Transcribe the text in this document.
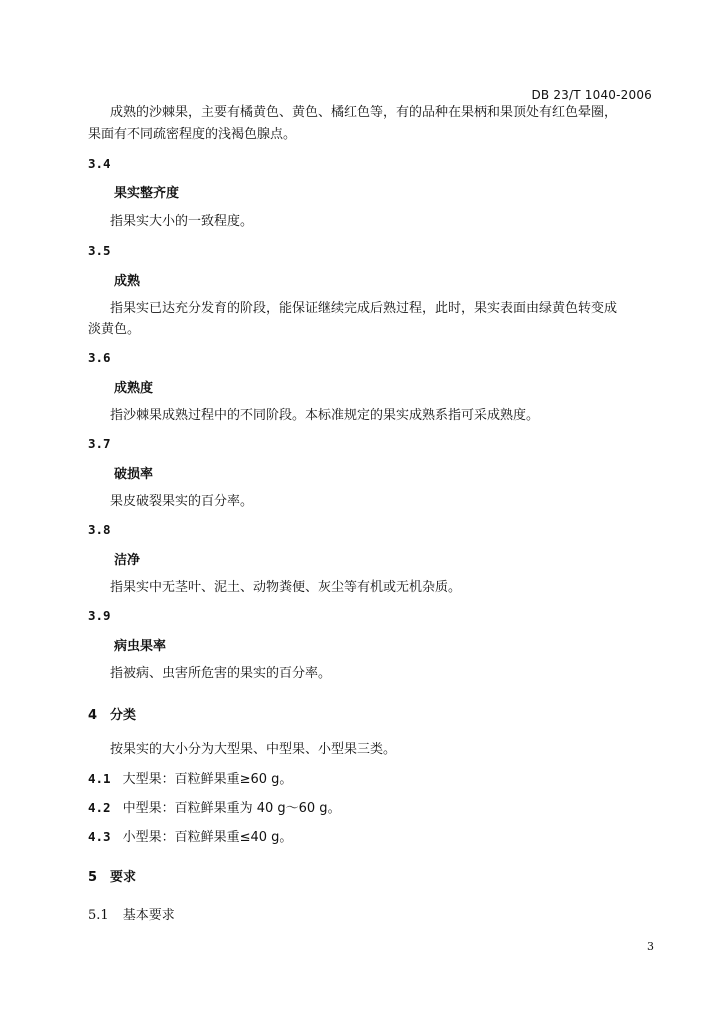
DB 23/T 1040-2006
成熟的沙棘果，主要有橘黄色、黄色、橘红色等，有的品种在果柄和果顶处有红色晕圈，
果面有不同疏密程度的浅褐色腺点。
3.4
果实整齐度
指果实大小的一致程度。
3.5
成熟
指果实已达充分发育的阶段，能保证继续完成后熟过程，此时，果实表面由绿黄色转变成
淡黄色。
3.6
成熟度
指沙棘果成熟过程中的不同阶段。本标准规定的果实成熟系指可采成熟度。
3.7
破损率
果皮破裂果实的百分率。
3.8
洁净
指果实中无茎叶、泥土、动物粪便、灰尘等有机或无机杂质。
3.9
病虫果率
指被病、虫害所危害的果实的百分率。
4　分类
按果实的大小分为大型果、中型果、小型果三类。
4.1 大型果：百粒鲜果重≥60 g。
4.2 中型果：百粒鲜果重为 40 g～60 g。
4.3 小型果：百粒鲜果重≤40 g。
5　要求
5.1 基本要求
3
